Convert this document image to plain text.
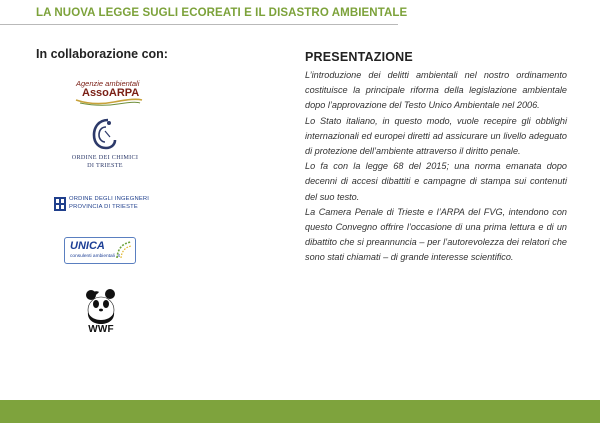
LA NUOVA LEGGE SUGLI ECOREATI E IL DISASTRO AMBIENTALE
In collaborazione con:
Agenzie ambientali
AssoARPA
ORDINE DEI CHIMICI
DI TRIESTE
ORDINE DEGLI INGEGNERI
PROVINCIA DI TRIESTE
UNICA
consulenti ambientali .it
WWF
PRESENTAZIONE

L’introduzione dei delitti ambientali nel nostro ordinamento costituisce la principale riforma della legislazione ambientale dopo l’approvazione del Testo Unico Ambientale nel 2006.

Lo Stato italiano, in questo modo, vuole recepire gli obblighi internazionali ed europei diretti ad assicurare un livello adeguato di protezione dell’ambiente attraverso il diritto penale.

Lo fa con la legge 68 del 2015; una norma emanata dopo decenni di accesi dibattiti e campagne di stampa sui contenuti del suo testo.

La Camera Penale di Trieste e l’ARPA del FVG, intendono con questo Convegno offrire l’occasione di una prima lettura e di un dibattito che si preannuncia – per l’autorevolezza dei relatori che sono stati chiamati – di grande interesse scientifico.
